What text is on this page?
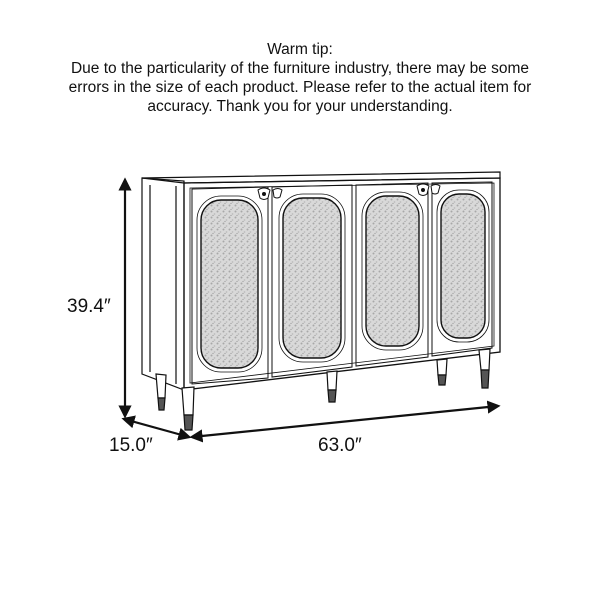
Warm tip:
Due to the particularity of the furniture industry, there may be some
errors in the size of each product. Please refer to the actual item for
accuracy. Thank you for your understanding.
39.4″
15.0″	63.0″
